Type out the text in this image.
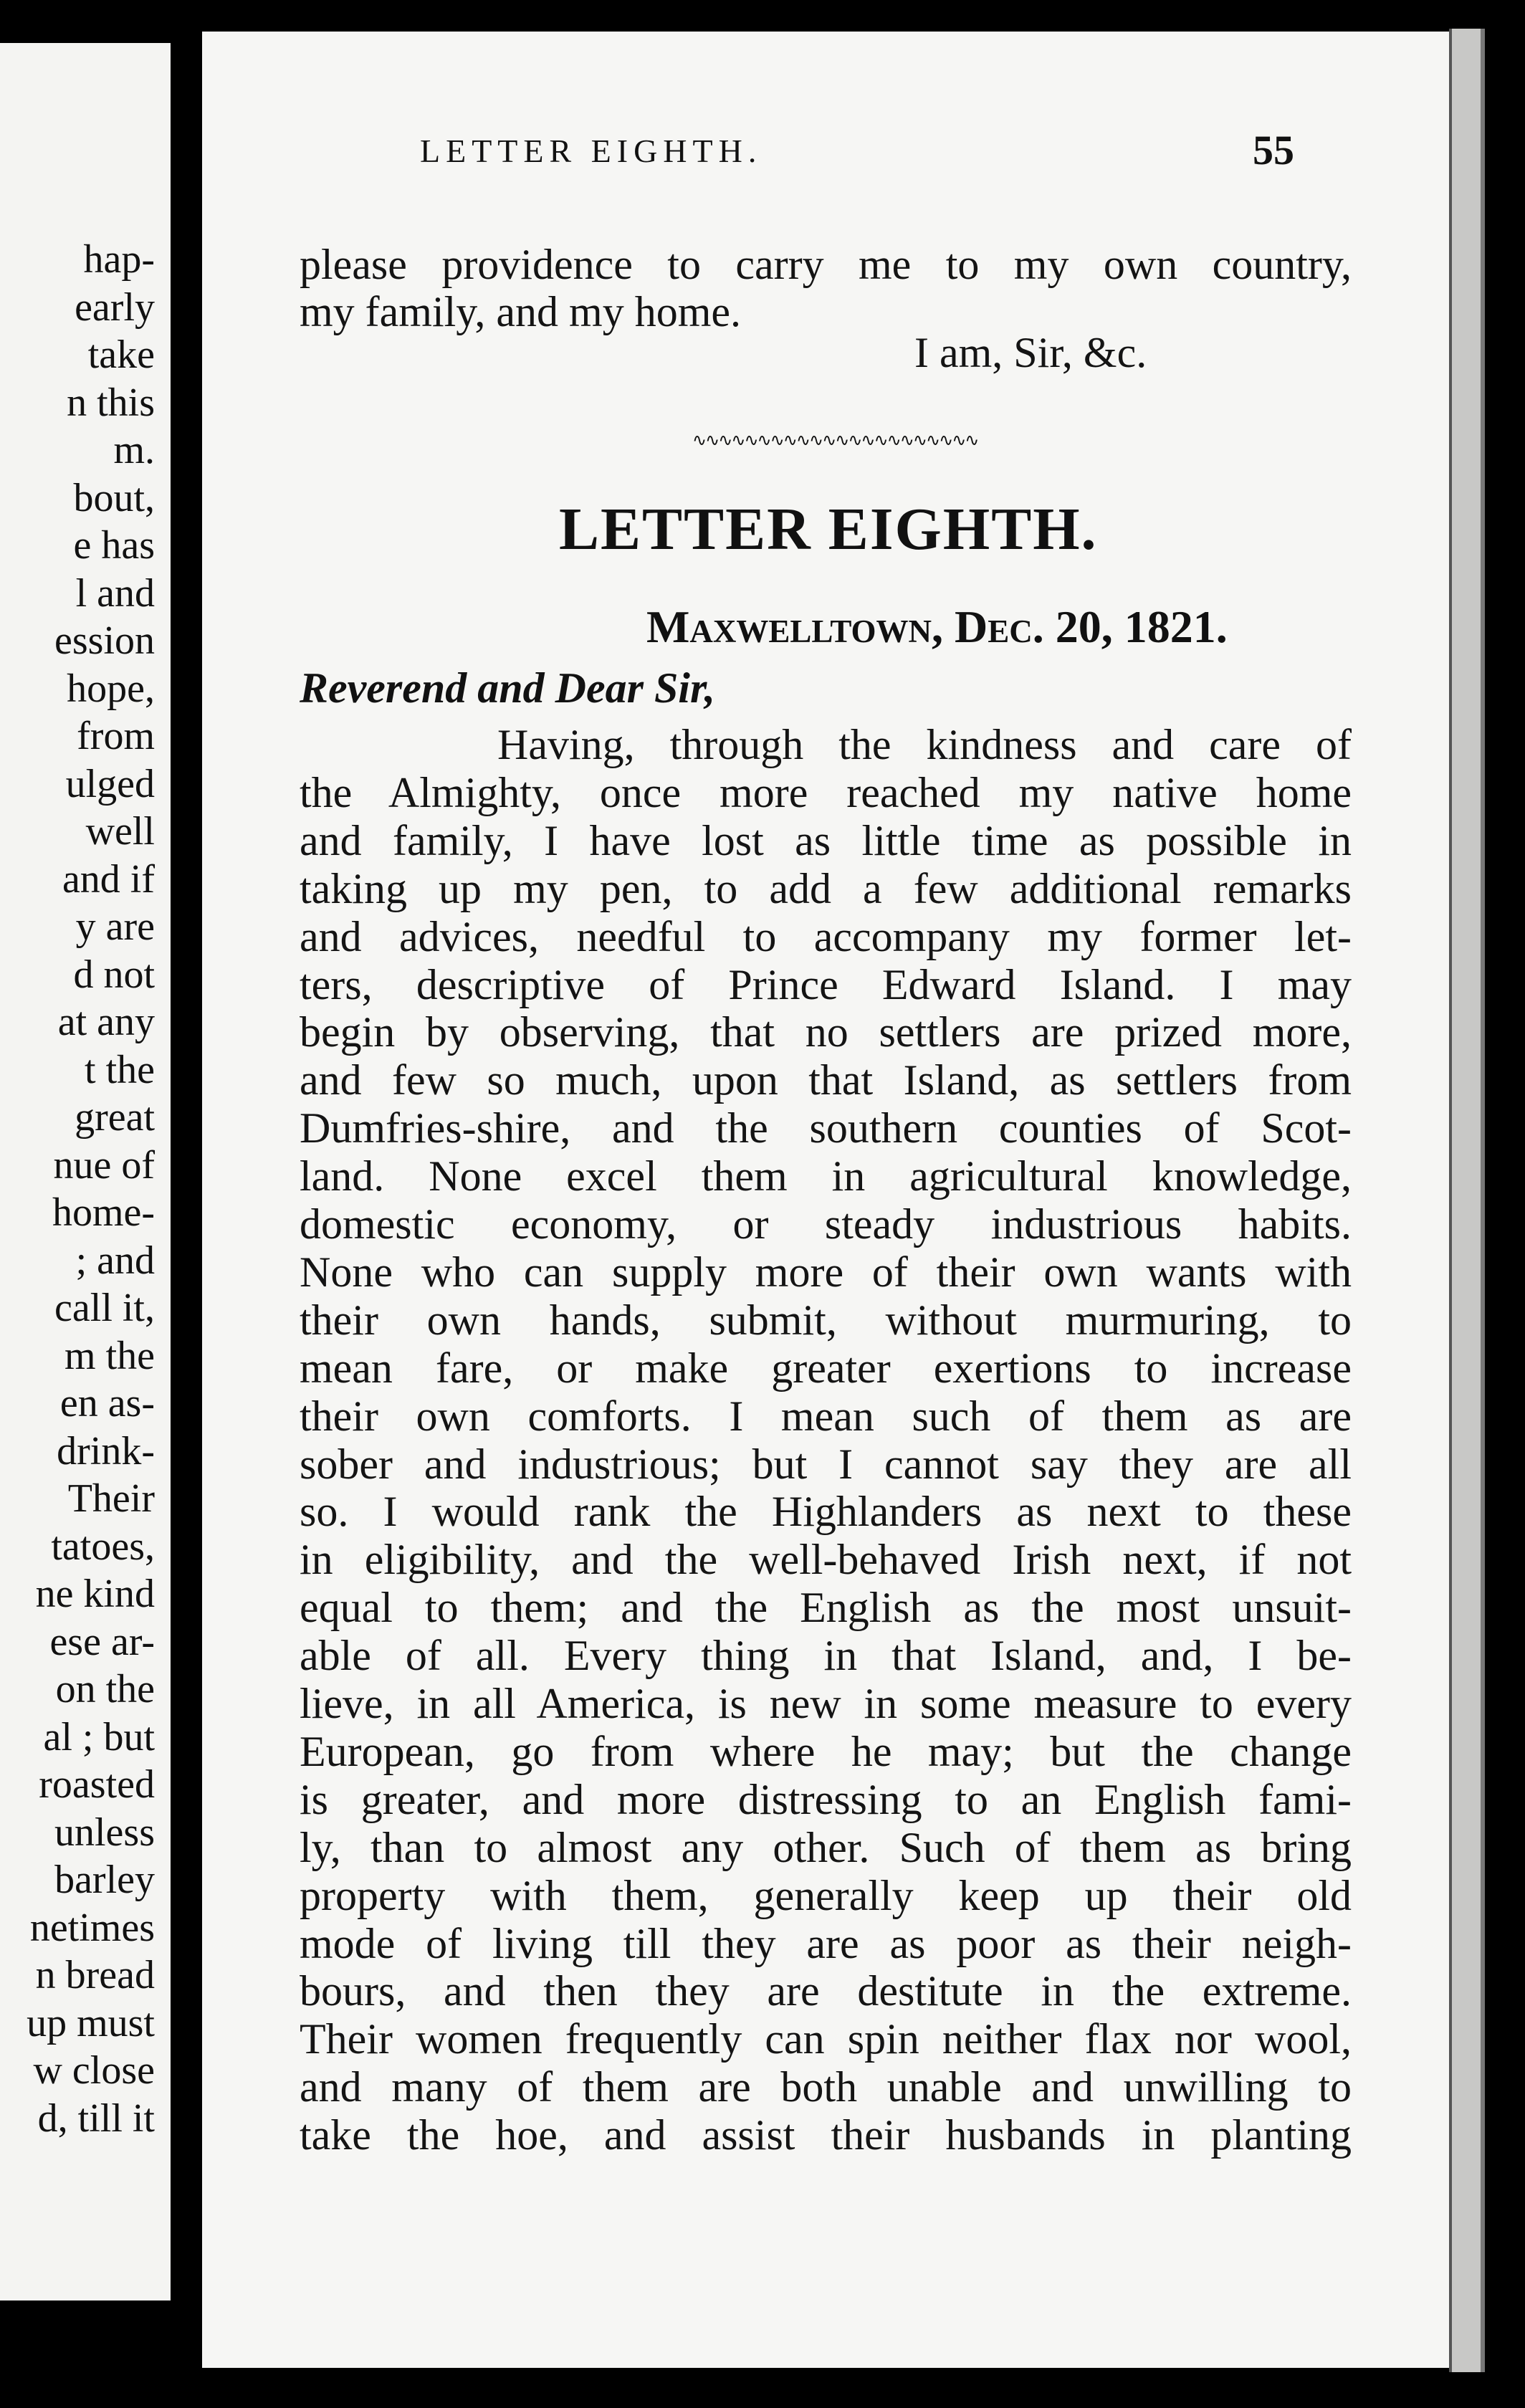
hap-
early
take
n this
m.
bout,
e has
l and
ession
hope,
from
ulged
well
and if
y are
d not
at any
t the
great
nue of
home-
; and
call it,
m the
en as-
drink-
Their
tatoes,
ne kind
ese ar-
on the
al ; but
roasted
unless
barley
netimes
n bread
up must
w close
d, till it
LETTER EIGHTH.	55
please providence to carry me to my own country,
my family, and my home.
I am, Sir, &c.
∿∿∿∿∿∿∿∿∿∿∿∿∿∿∿∿∿∿∿∿∿∿
LETTER EIGHTH.
Maxwelltown, Dec. 20, 1821.
Reverend and Dear Sir,
Having, through the kindness and care of
the Almighty, once more reached my native home
and family, I have lost as little time as possible in
taking up my pen, to add a few additional remarks
and advices, needful to accompany my former let-
ters, descriptive of Prince Edward Island. I may
begin by observing, that no settlers are prized more,
and few so much, upon that Island, as settlers from
Dumfries-shire, and the southern counties of Scot-
land. None excel them in agricultural knowledge,
domestic economy, or steady industrious habits.
None who can supply more of their own wants with
their own hands, submit, without murmuring, to
mean fare, or make greater exertions to increase
their own comforts. I mean such of them as are
sober and industrious; but I cannot say they are all
so. I would rank the Highlanders as next to these
in eligibility, and the well-behaved Irish next, if not
equal to them; and the English as the most unsuit-
able of all. Every thing in that Island, and, I be-
lieve, in all America, is new in some measure to every
European, go from where he may; but the change
is greater, and more distressing to an English fami-
ly, than to almost any other. Such of them as bring
property with them, generally keep up their old
mode of living till they are as poor as their neigh-
bours, and then they are destitute in the extreme.
Their women frequently can spin neither flax nor wool,
and many of them are both unable and unwilling to
take the hoe, and assist their husbands in planting
